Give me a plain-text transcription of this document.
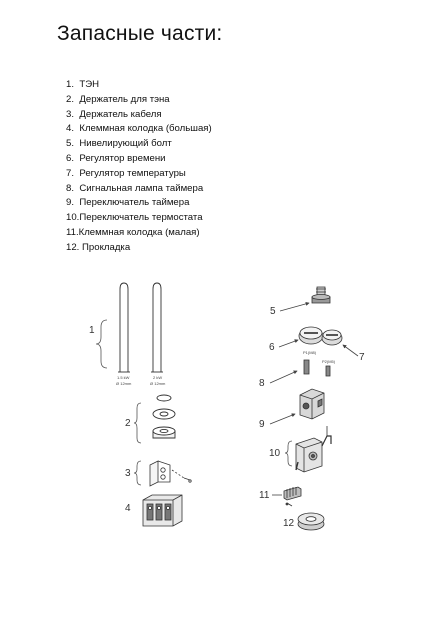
Запасные части:
1. ТЭН
2. Держатель для тэна
3. Держатель кабеля
4. Клеммная колодка (большая)
5. Нивелирующий болт
6. Регулятор времени
7. Регулятор температуры
8. Сигнальная лампа таймера
9. Переключатель таймера
10.Переключатель термостата
11.Клеммная колодка (малая)
12. Прокладка
1
1.5 kW
Ø 12mm
2 kW
Ø 12mm
2
3
4
5
6
7
P1(M8)
P2(M5)
8
9
10
11
12
